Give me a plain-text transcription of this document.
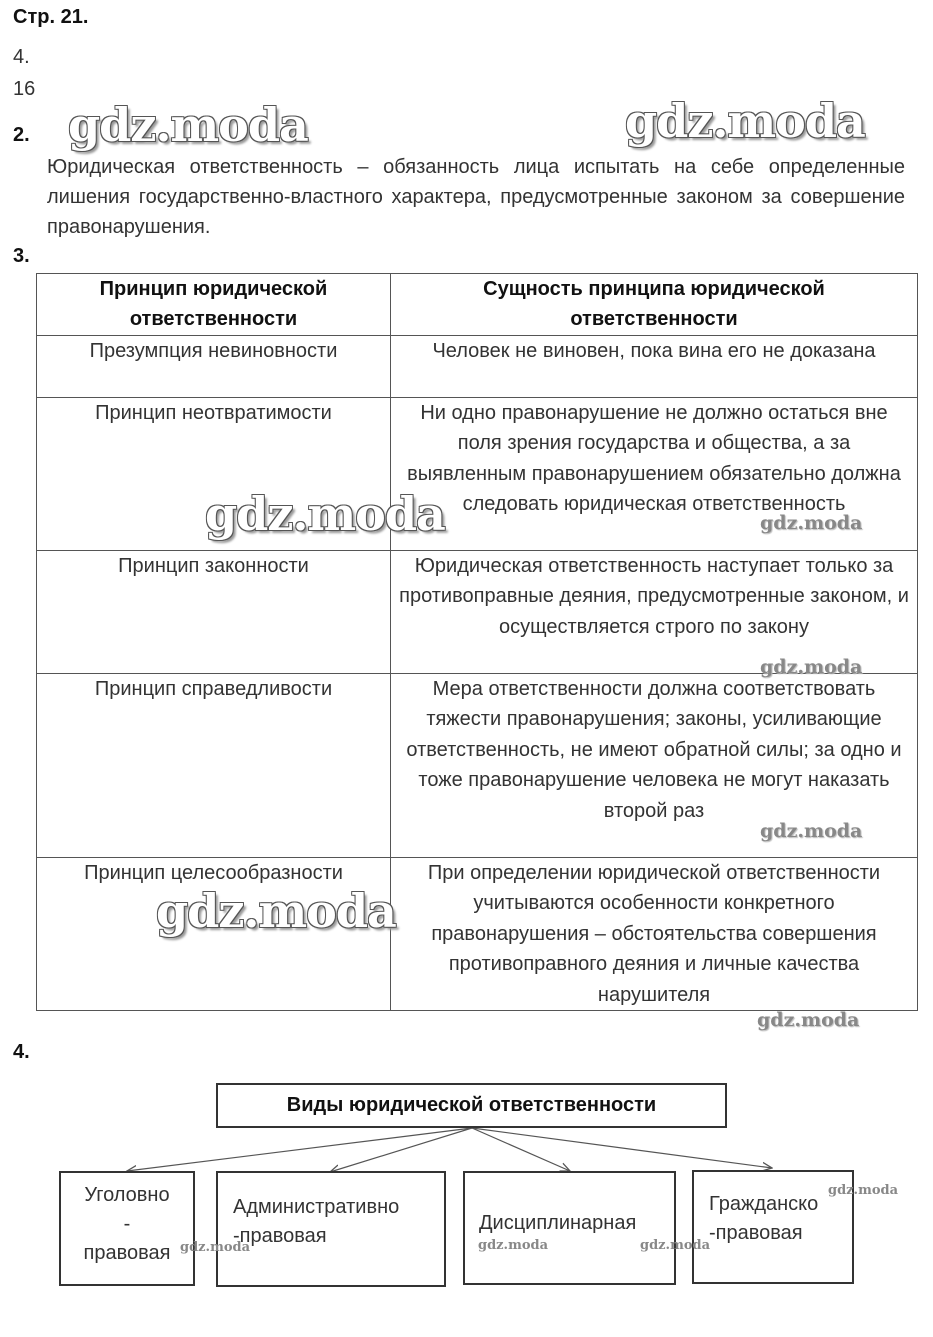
Стр. 21.
4.
16
2.
Юридическая ответственность – обязанность лица испытать на себе определенные лишения государственно-властного характера, предусмотренные законом за совершение правонарушения.
3.
Принцип юридической ответственности	Сущность принципа юридической ответственности
Презумпция невиновности	Человек не виновен, пока вина его не доказана
Принцип неотвратимости	Ни одно правонарушение не должно остаться вне поля зрения государства и общества, а за выявленным правонарушением обязательно должна следовать юридическая ответственность
Принцип законности	Юридическая ответственность наступает только за противоправные деяния, предусмотренные законом, и осуществляется строго по закону
Принцип справедливости	Мера ответственности должна соответствовать тяжести правонарушения; законы, усиливающие ответственность, не имеют обратной силы; за одно и тоже правонарушение человека не могут наказать второй раз
Принцип целесообразности	При определении юридической ответственности учитываются особенности конкретного правонарушения – обстоятельства совершения противоправного деяния и личные качества нарушителя
4.
Виды юридической ответственности
Уголовно
-
правовая
Административно
-правовая
Дисциплинарная
Гражданско
-правовая
gdz.moda	gdz.moda
gdz.moda
gdz.moda
gdz.moda
gdz.moda
gdz.moda
gdz.moda
gdz.moda	gdz.moda	gdz.moda
gdz.moda
